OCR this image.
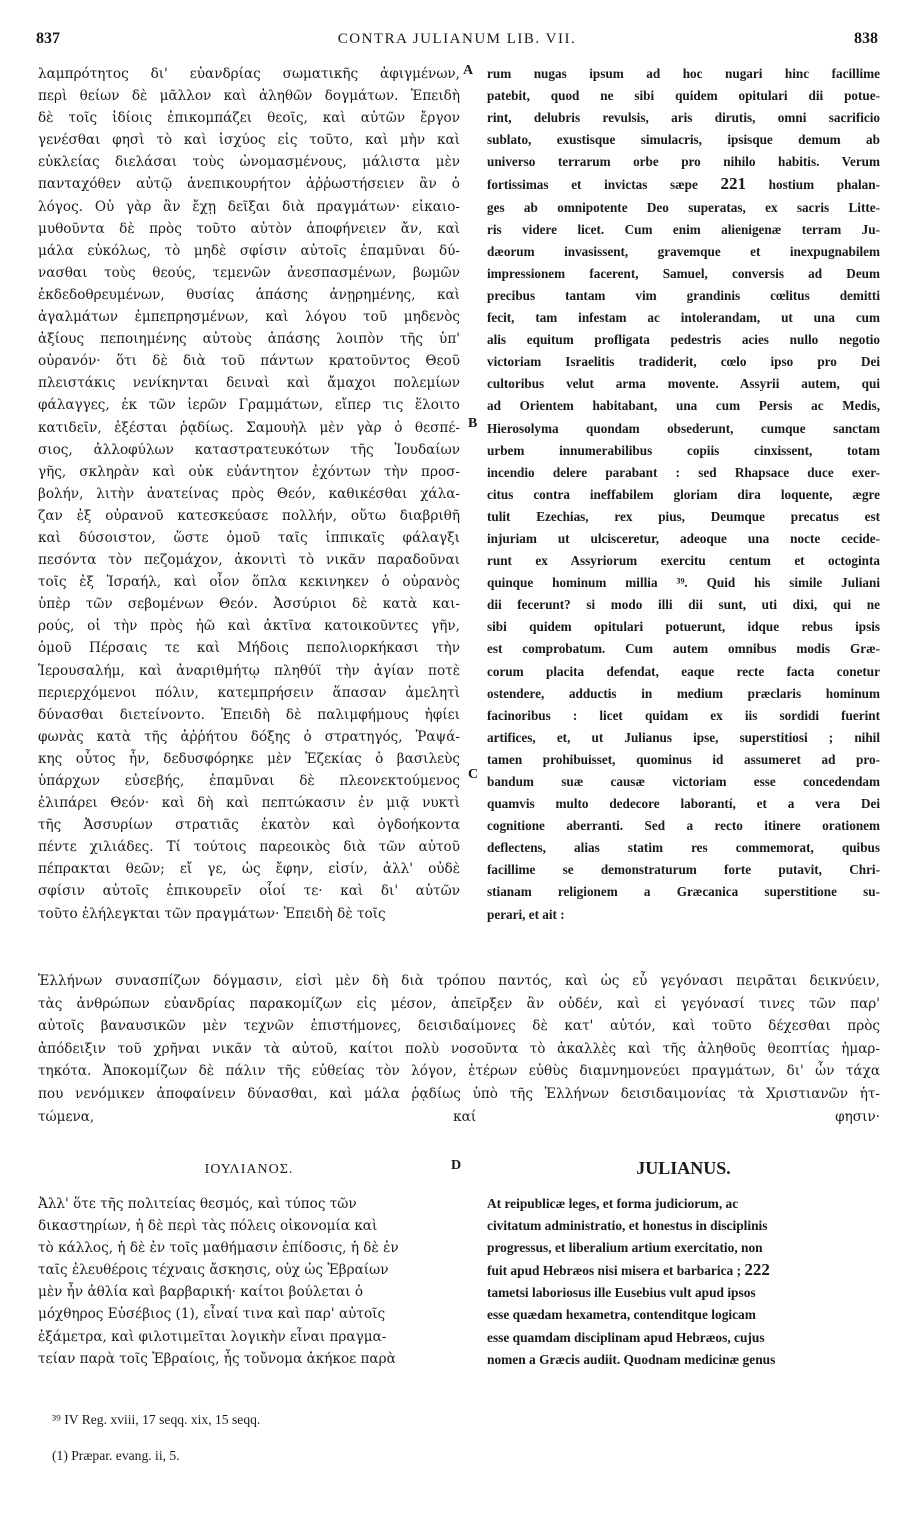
837	CONTRA JULIANUM LIB. VII.	838
λαμπρότητος δι' εὐανδρίας σωματικῆς ἀφιγμένων,
περὶ θείων δὲ μᾶλλον καὶ ἀληθῶν δογμάτων. Ἐπειδὴ
δὲ τοῖς ἰδίοις ἐπικομπάζει θεοῖς, καὶ αὐτῶν ἔργον
γενέσθαι φησὶ τὸ καὶ ἰσχύος εἰς τοῦτο, καὶ μὴν καὶ
εὐκλείας διελάσαι τοὺς ὠνομασμένους, μάλιστα μὲν
πανταχόθεν αὐτῷ ἀνεπικουρήτον ἀῤῥωστήσειεν ἂν ὁ
λόγος. Οὐ γὰρ ἂν ἔχῃ δεῖξαι διὰ πραγμάτων· εἰκαιο-
μυθοῦντα δὲ πρὸς τοῦτο αὐτὸν ἀποφήνειεν ἄν, καὶ
μάλα εὐκόλως, τὸ μηδὲ σφίσιν αὐτοῖς ἐπαμῦναι δύ-
νασθαι τοὺς θεούς, τεμενῶν ἀνεσπασμένων, βωμῶν
ἐκδεδοθρευμένων, θυσίας ἁπάσης ἀνῃρημένης, καὶ
ἀγαλμάτων ἐμπεπρησμένων, καὶ λόγου τοῦ μηδενὸς
ἀξίους πεποιημένης αὐτοὺς ἁπάσης λοιπὸν τῆς ὑπ'
οὐρανόν· ὅτι δὲ διὰ τοῦ πάντων κρατοῦντος Θεοῦ
πλειστάκις νενίκηνται δειναὶ καὶ ἄμαχοι πολεμίων
φάλαγγες, ἐκ τῶν ἱερῶν Γραμμάτων, εἴπερ τις ἕλοιτο
κατιδεῖν, ἐξέσται ῥᾳδίως. Σαμουὴλ μὲν γὰρ ὁ θεσπέ-
σιος, ἀλλοφύλων καταστρατευκότων τῆς Ἰουδαίων
γῆς, σκληρὰν καὶ οὐκ εὐάντητον ἐχόντων τὴν προσ-
βολήν, λιτὴν ἀνατείνας πρὸς Θεόν, καθικέσθαι χάλα-
ζαν ἐξ οὐρανοῦ κατεσκεύασε πολλήν, οὕτω διαβριθῆ
καὶ δύσοιστον, ὥστε ὁμοῦ ταῖς ἱππικαῖς φάλαγξι
πεσόντα τὸν πεζομάχον, ἀκονιτὶ τὸ νικᾶν παραδοῦναι
τοῖς ἐξ Ἰσραήλ, καὶ οἷον ὅπλα κεκινηκεν ὁ οὐρανὸς
ὑπὲρ τῶν σεβομένων Θεόν. Ἀσσύριοι δὲ κατὰ και-
ρούς, οἱ τὴν πρὸς ἠῶ καὶ ἀκτῖνα κατοικοῦντες γῆν,
ὁμοῦ Πέρσαις τε καὶ Μήδοις πεπολιορκήκασι τὴν
Ἱερουσαλήμ, καὶ ἀναριθμήτῳ πληθύϊ τὴν ἁγίαν ποτὲ
περιερχόμενοι πόλιν, κατεμπρήσειν ἅπασαν ἀμελητὶ
δύνασθαι διετείνοντο. Ἐπειδὴ δὲ παλιμφήμους ἠφίει
φωνὰς κατὰ τῆς ἀῤῥήτου δόξης ὁ στρατηγός, Ῥαψά-
κης οὗτος ἦν, δεδυσφόρηκε μὲν Ἐζεκίας ὁ βασιλεὺς
ὑπάρχων εὐσεβής, ἐπαμῦναι δὲ πλεονεκτούμενος
ἐλιπάρει Θεόν· καὶ δὴ καὶ πεπτώκασιν ἐν μιᾷ νυκτὶ
τῆς Ἀσσυρίων στρατιᾶς ἑκατὸν καὶ ὀγδοήκοντα
πέντε χιλιάδες. Τί τούτοις παρεοικὸς διὰ τῶν αὐτοῦ
πέπρακται θεῶν; εἴ γε, ὡς ἔφην, εἰσίν, ἀλλ' οὐδὲ
σφίσιν αὐτοῖς ἐπικουρεῖν οἷοί τε· καὶ δι' αὐτῶν
τοῦτο ἐλήλεγκται τῶν πραγμάτων· Ἐπειδὴ δὲ τοῖς
rum nugas ipsum ad hoc nugari hinc facillime
patebit, quod ne sibi quidem opitulari dii potue-
rint, delubris revulsis, aris dirutis, omni sacrificio
sublato, exustisque simulacris, ipsisque demum ab
universo terrarum orbe pro nihilo habitis. Verum
fortissimas et invictas sæpe 221 hostium phalan-
ges ab omnipotente Deo superatas, ex sacris Litte-
ris videre licet. Cum enim alienigenæ terram Ju-
dæorum invasissent, gravemque et inexpugnabilem
impressionem facerent, Samuel, conversis ad Deum
precibus tantam vim grandinis cœlitus demitti
fecit, tam infestam ac intolerandam, ut una cum
alis equitum profligata pedestris acies nullo negotio
victoriam Israelitis tradiderit, cœlo ipso pro Dei
cultoribus velut arma movente. Assyrii autem, qui
ad Orientem habitabant, una cum Persis ac Medis,
Hierosolyma quondam obsederunt, cumque sanctam
urbem innumerabilibus copiis cinxissent, totam
incendio delere parabant : sed Rhapsace duce exer-
citus contra ineffabilem gloriam dira loquente, ægre
tulit Ezechias, rex pius, Deumque precatus est
injuriam ut ulcisceretur, adeoque una nocte cecide-
runt ex Assyriorum exercitu centum et octoginta
quinque hominum millia ³⁹. Quid his simile Juliani
dii fecerunt? si modo illi dii sunt, uti dixi, qui ne
sibi quidem opitulari potuerunt, idque rebus ipsis
est comprobatum. Cum autem omnibus modis Græ-
corum placita defendat, eaque recte facta conetur
ostendere, adductis in medium præclaris hominum
facinoribus : licet quidam ex iis sordidi fuerint
artifices, et, ut Julianus ipse, superstitiosi ; nihil
tamen prohibuisset, quominus id assumeret ad pro-
bandum suæ causæ victoriam esse concedendam
quamvis multo dedecore laborantí, et a vera Dei
cognitione aberranti. Sed a recto itinere orationem
deflectens, alias statim res commemorat, quibus
facillime se demonstraturum forte putavit, Chri-
stianam religionem a Græcanica superstitione su-
perari, et ait :
A
B
C
D
Ἑλλήνων συνασπίζων δόγμασιν, εἰσὶ μὲν δὴ διὰ τρόπου παντός, καὶ ὡς εὖ γεγόνασι πειρᾶται δεικνύειν,
τὰς ἀνθρώπων εὐανδρίας παρακομίζων εἰς μέσον, ἀπεῖρξεν ἂν οὐδέν, καὶ εἰ γεγόνασί τινες τῶν παρ'
αὐτοῖς βαναυσικῶν μὲν τεχνῶν ἐπιστήμονες, δεισιδαίμονες δὲ κατ' αὐτόν, καὶ τοῦτο δέχεσθαι πρὸς
ἀπόδειξιν τοῦ χρῆναι νικᾶν τὰ αὐτοῦ, καίτοι πολὺ νοσοῦντα τὸ ἀκαλλὲς καὶ τῆς ἀληθοῦς θεοπτίας ἡμαρ-
τηκότα. Ἀποκομίζων δὲ πάλιν τῆς εὐθείας τὸν λόγον, ἑτέρων εὐθὺς διαμνημονεύει πραγμάτων, δι' ὧν τάχα
που νενόμικεν ἀποφαίνειν δύνασθαι, καὶ μάλα ῥᾳδίως ὑπὸ τῆς Ἑλλήνων δεισιδαιμονίας τὰ Χριστιανῶν ἡτ-
τώμενα, καί φησιν·
ΙΟΥΛΙΑΝΟΣ.	JULIANUS.
Ἀλλ' ὅτε τῆς πολιτείας θεσμός, καὶ τύπος τῶν
δικαστηρίων, ἡ δὲ περὶ τὰς πόλεις οἰκονομία καὶ
τὸ κάλλος, ἡ δὲ ἐν τοῖς μαθήμασιν ἐπίδοσις, ἡ δὲ ἐν
ταῖς ἐλευθέροις τέχναις ἄσκησις, οὐχ ὡς Ἑβραίων
μὲν ἦν ἀθλία καὶ βαρβαρική· καίτοι βούλεται ὁ
μόχθηρος Εὐσέβιος (1), εἶναί τινα καὶ παρ' αὐτοῖς
ἑξάμετρα, καὶ φιλοτιμεῖται λογικὴν εἶναι πραγμα-
τείαν παρὰ τοῖς Ἑβραίοις, ἧς τοὔνομα ἀκήκοε παρὰ
At reipublicæ leges, et forma judiciorum, ac
civitatum administratio, et honestus in disciplinis
progressus, et liberalium artium exercitatio, non
fuit apud Hebræos nisi misera et barbarica ; 222
tametsi laboriosus ille Eusebius vult apud ipsos
esse quædam hexametra, contenditque logicam
esse quamdam disciplinam apud Hebræos, cujus
nomen a Græcis audiit. Quodnam medicinæ genus
³⁹ IV Reg. xviii, 17 seqq. xix, 15 seqq.
(1) Præpar. evang. ii, 5.
